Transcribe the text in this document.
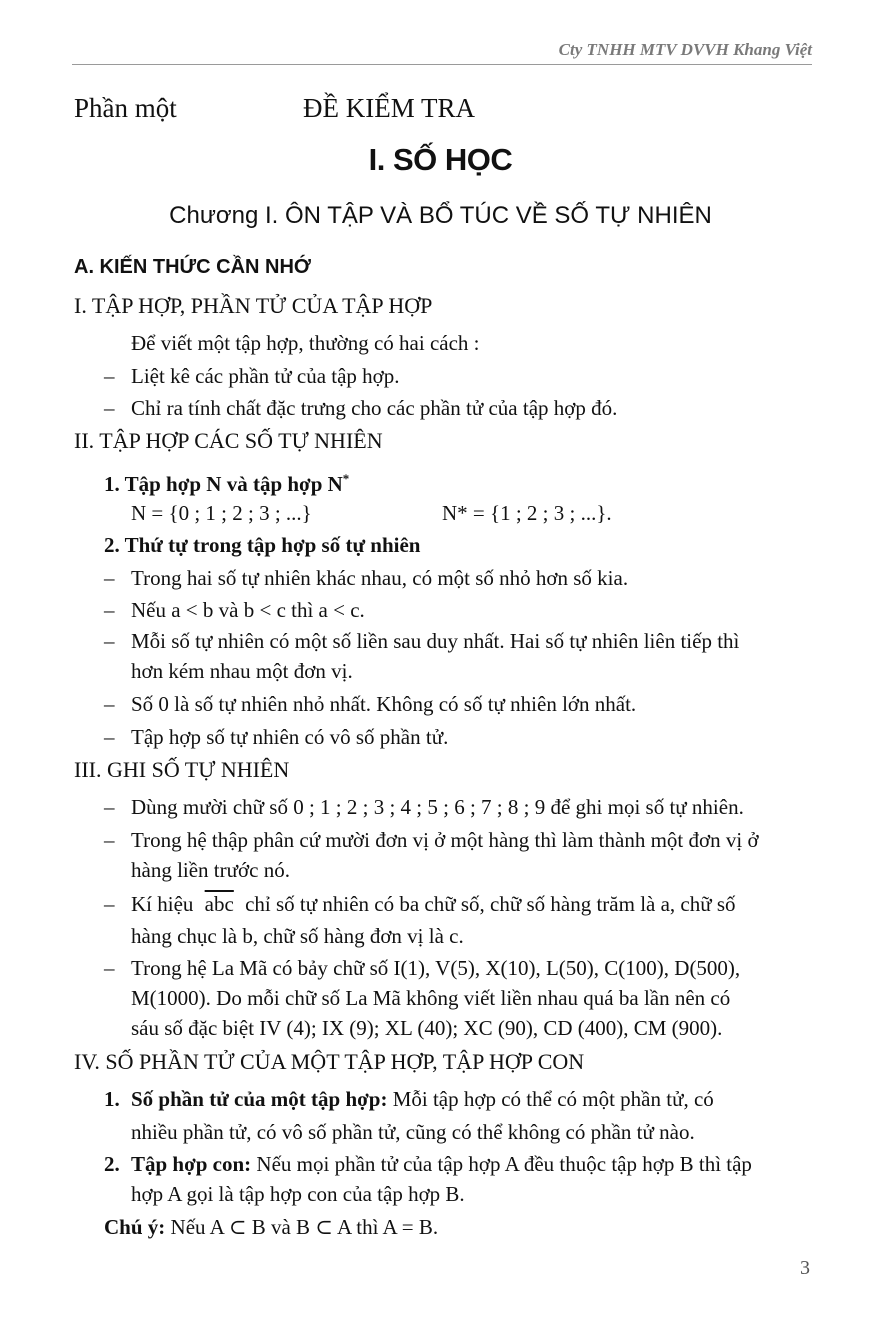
Cty TNHH MTV DVVH Khang Việt
Phần một	ĐỀ KIỂM TRA
I. SỐ HỌC
Chương I. ÔN TẬP VÀ BỔ TÚC VỀ SỐ TỰ NHIÊN
A. KIẾN THỨC CẦN NHỚ
I. TẬP HỢP, PHẦN TỬ CỦA TẬP HỢP
Để viết một tập hợp, thường có hai cách :
– Liệt kê các phần tử của tập hợp.
– Chỉ ra tính chất đặc trưng cho các phần tử của tập hợp đó.
II. TẬP HỢP CÁC SỐ TỰ NHIÊN
1. Tập hợp N và tập hợp N*
N = {0 ; 1 ; 2 ; 3 ; ...}	N* = {1 ; 2 ; 3 ; ...}.
2. Thứ tự trong tập hợp số tự nhiên
– Trong hai số tự nhiên khác nhau, có một số nhỏ hơn số kia.
– Nếu a < b và b < c thì a < c.
– Mỗi số tự nhiên có một số liền sau duy nhất. Hai số tự nhiên liên tiếp thì
hơn kém nhau một đơn vị.
– Số 0 là số tự nhiên nhỏ nhất. Không có số tự nhiên lớn nhất.
– Tập hợp số tự nhiên có vô số phần tử.
III. GHI SỐ TỰ NHIÊN
– Dùng mười chữ số 0 ; 1 ; 2 ; 3 ; 4 ; 5 ; 6 ; 7 ; 8 ; 9 để ghi mọi số tự nhiên.
– Trong hệ thập phân cứ mười đơn vị ở một hàng thì làm thành một đơn vị ở
hàng liền trước nó.
– Kí hiệu $\overline{abc}$ chỉ số tự nhiên có ba chữ số, chữ số hàng trăm là a, chữ số
hàng chục là b, chữ số hàng đơn vị là c.
– Trong hệ La Mã có bảy chữ số I(1), V(5), X(10), L(50), C(100), D(500),
M(1000). Do mỗi chữ số La Mã không viết liền nhau quá ba lần nên có
sáu số đặc biệt IV (4); IX (9); XL (40); XC (90), CD (400), CM (900).
IV. SỐ PHẦN TỬ CỦA MỘT TẬP HỢP, TẬP HỢP CON
1. Số phần tử của một tập hợp: Mỗi tập hợp có thể có một phần tử, có
nhiều phần tử, có vô số phần tử, cũng có thể không có phần tử nào.
2. Tập hợp con: Nếu mọi phần tử của tập hợp A đều thuộc tập hợp B thì tập
hợp A gọi là tập hợp con của tập hợp B.
Chú ý: Nếu A ⊂ B và B ⊂ A thì A = B.
3
